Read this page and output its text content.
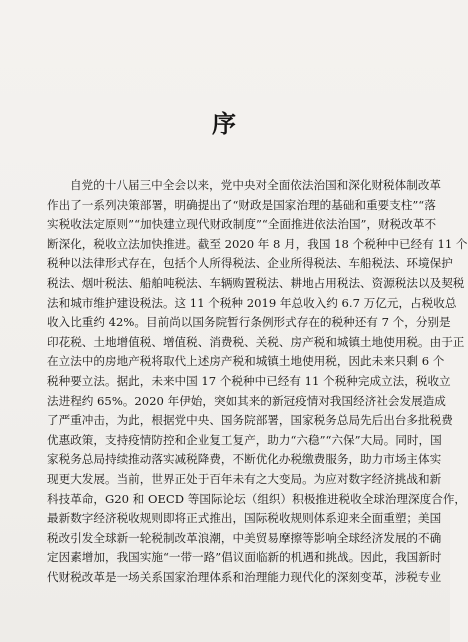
序
自党的十八届三中全会以来，党中央对全面依法治国和深化财税体制改革
作出了一系列决策部署，明确提出了“财政是国家治理的基础和重要支柱”“落
实税收法定原则”“加快建立现代财政制度”“全面推进依法治国”，财税改革不
断深化，税收立法加快推进。截至 2020 年 8 月，我国 18 个税种中已经有 11 个
税种以法律形式存在，包括个人所得税法、企业所得税法、车船税法、环境保护
税法、烟叶税法、船舶吨税法、车辆购置税法、耕地占用税法、资源税法以及契税
法和城市维护建设税法。这 11 个税种 2019 年总收入约 6.7 万亿元，占税收总
收入比重约 42%。目前尚以国务院暂行条例形式存在的税种还有 7 个，分别是
印花税、土地增值税、增值税、消费税、关税、房产税和城镇土地使用税。由于正
在立法中的房地产税将取代上述房产税和城镇土地使用税，因此未来只剩 6 个
税种要立法。据此，未来中国 17 个税种中已经有 11 个税种完成立法，税收立
法进程约 65%。2020 年伊始，突如其来的新冠疫情对我国经济社会发展造成
了严重冲击，为此，根据党中央、国务院部署，国家税务总局先后出台多批税费
优惠政策，支持疫情防控和企业复工复产，助力“六稳”“六保”大局。同时，国
家税务总局持续推动落实减税降费，不断优化办税缴费服务，助力市场主体实
现更大发展。当前，世界正处于百年未有之大变局。为应对数字经济挑战和新
科技革命，G20 和 OECD 等国际论坛（组织）积极推进税收全球治理深度合作，
最新数字经济税收规则即将正式推出，国际税收规则体系迎来全面重塑；美国
税改引发全球新一轮税制改革浪潮，中美贸易摩擦等影响全球经济发展的不确
定因素增加，我国实施“一带一路”倡议面临新的机遇和挑战。因此，我国新时
代财税改革是一场关系国家治理体系和治理能力现代化的深刻变革，涉税专业
